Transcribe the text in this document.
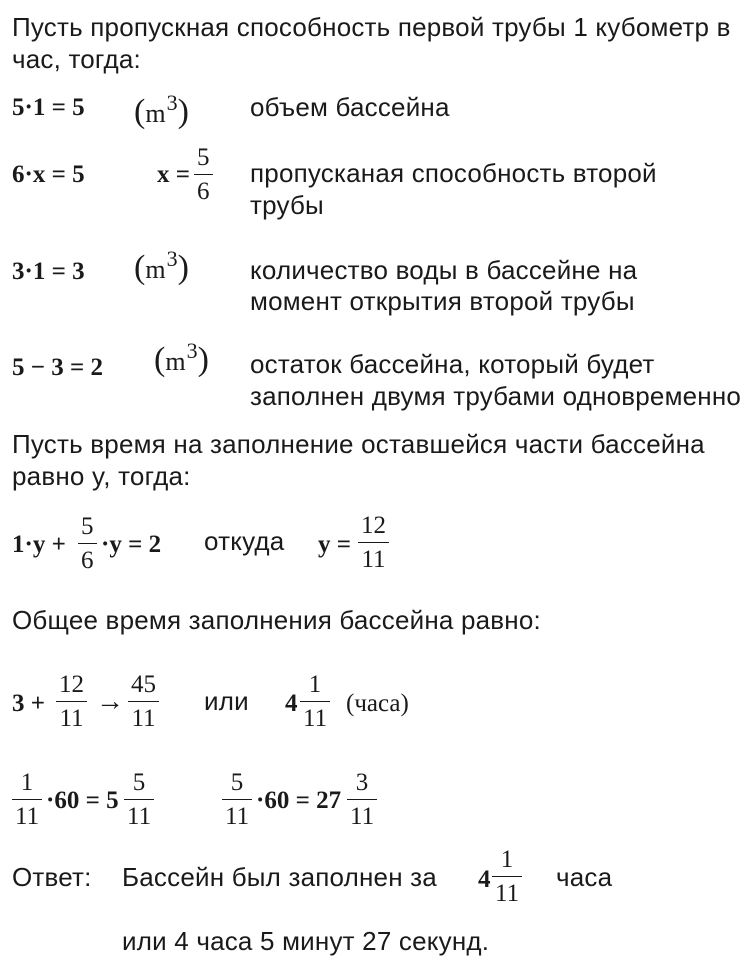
Пусть пропускная способность первой трубы 1 кубометр в
час, тогда:
5·1 = 5 $(m^3)$ объем бассейна
6·x = 5	x =
5
6
пропусканая способность второй
трубы
3·1 = 3 $(m^3)$ количество воды в бассейне на
момент открытия второй трубы
5 − 3 = 2 $(m^3)$ остаток бассейна, который будет
заполнен двумя трубами одновременно
Пусть время на заполнение оставшейся части бассейна
равно y, тогда:
1·y +
5
6
·y = 2 откуда y =
12
11
Общее время заполнения бассейна равно:
3 +
12
11
→
45
11
или 4
1
11
(часа)
1
11
·60 = 5
5
11
5
11
·60 = 27
3
11
Ответ: Бассейн был заполнен за 4
1
11
часа
или 4 часа 5 минут 27 секунд.
